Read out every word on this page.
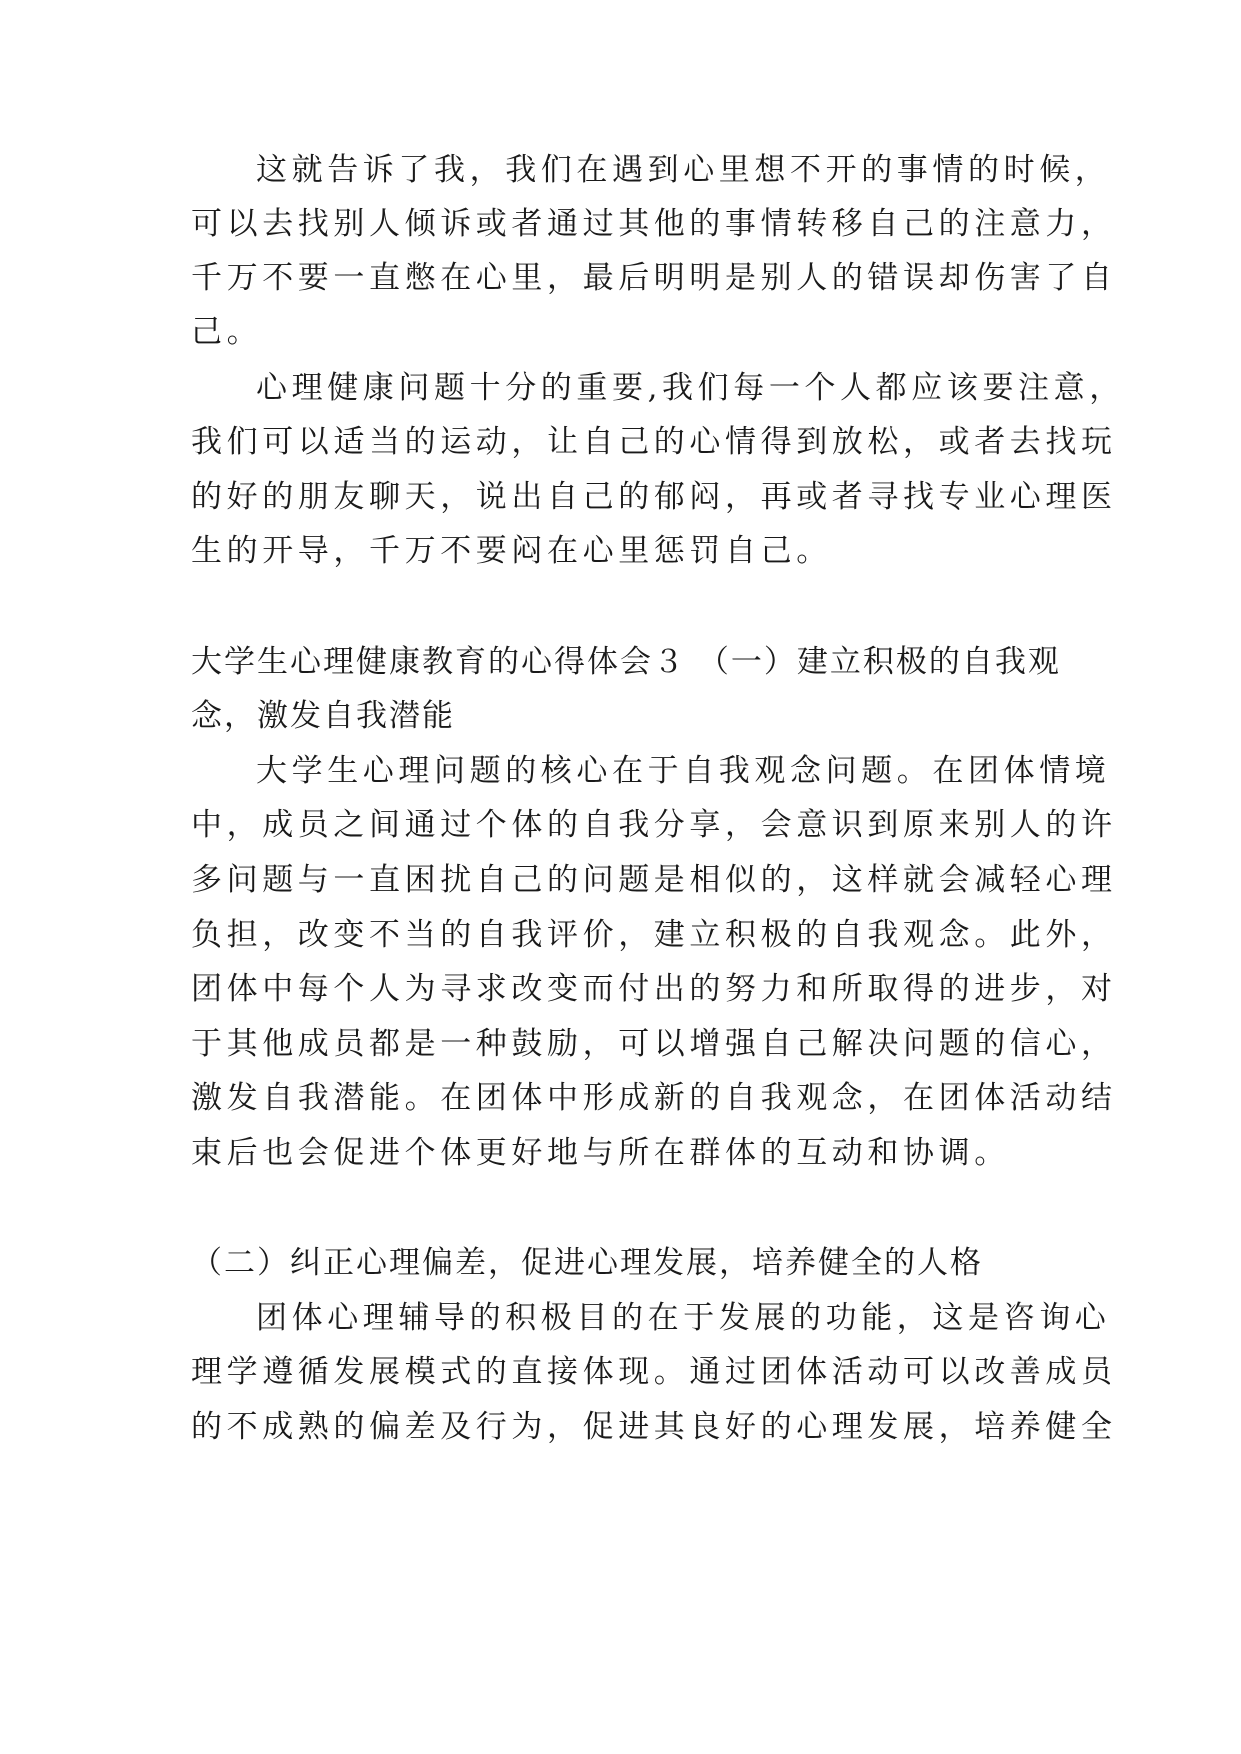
这就告诉了我，我们在遇到心里想不开的事情的时候，
可以去找别人倾诉或者通过其他的事情转移自己的注意力，
千万不要一直憋在心里，最后明明是别人的错误却伤害了自
己。
心理健康问题十分的重要,我们每一个人都应该要注意，
我们可以适当的运动，让自己的心情得到放松，或者去找玩
的好的朋友聊天，说出自己的郁闷，再或者寻找专业心理医
生的开导，千万不要闷在心里惩罚自己。
大学生心理健康教育的心得体会３ （一）建立积极的自我观
念，激发自我潜能
大学生心理问题的核心在于自我观念问题。在团体情境
中，成员之间通过个体的自我分享，会意识到原来别人的许
多问题与一直困扰自己的问题是相似的，这样就会减轻心理
负担，改变不当的自我评价，建立积极的自我观念。此外，
团体中每个人为寻求改变而付出的努力和所取得的进步，对
于其他成员都是一种鼓励，可以增强自己解决问题的信心，
激发自我潜能。在团体中形成新的自我观念，在团体活动结
束后也会促进个体更好地与所在群体的互动和协调。
（二）纠正心理偏差，促进心理发展，培养健全的人格
团体心理辅导的积极目的在于发展的功能，这是咨询心
理学遵循发展模式的直接体现。通过团体活动可以改善成员
的不成熟的偏差及行为，促进其良好的心理发展，培养健全
